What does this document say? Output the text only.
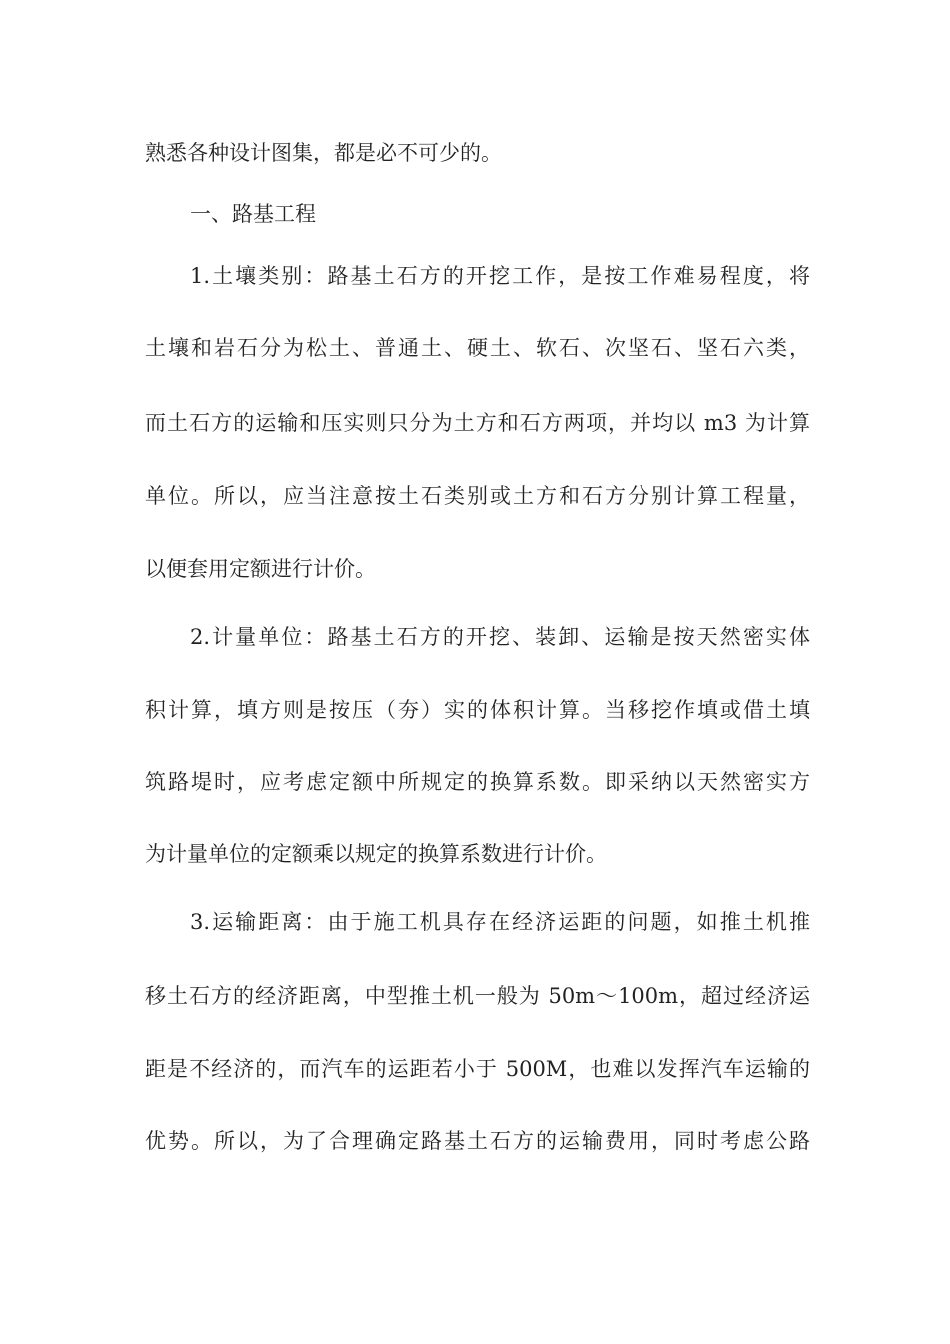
熟悉各种设计图集，都是必不可少的。
一、路基工程
1.土壤类别：路基土石方的开挖工作，是按工作难易程度，将
土壤和岩石分为松土、普通土、硬土、软石、次坚石、坚石六类，
而土石方的运输和压实则只分为土方和石方两项，并均以 m3 为计算
单位。所以，应当注意按土石类别或土方和石方分别计算工程量，
以便套用定额进行计价。
2.计量单位：路基土石方的开挖、装卸、运输是按天然密实体
积计算，填方则是按压（夯）实的体积计算。当移挖作填或借土填
筑路堤时，应考虑定额中所规定的换算系数。即采纳以天然密实方
为计量单位的定额乘以规定的换算系数进行计价。
3.运输距离：由于施工机具存在经济运距的问题，如推土机推
移土石方的经济距离，中型推土机一般为 50m～100m，超过经济运
距是不经济的，而汽车的运距若小于 500M，也难以发挥汽车运输的
优势。所以，为了合理确定路基土石方的运输费用，同时考虑公路
